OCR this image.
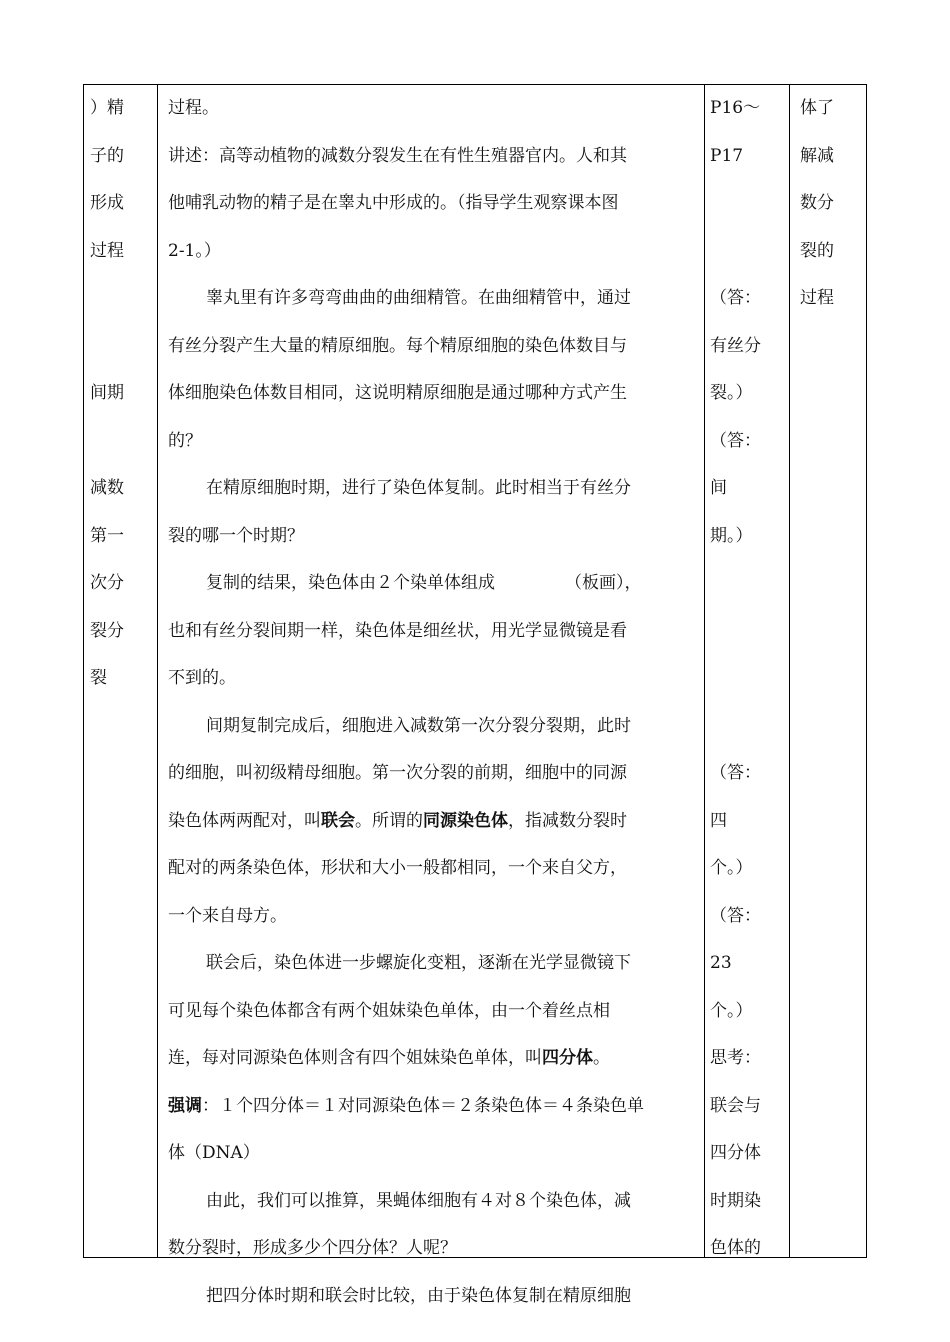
）精
子的
形成
过程
间期
减数
第一
次分
裂分
裂
过程。
讲述：高等动植物的减数分裂发生在有性生殖器官内。人和其
他哺乳动物的精子是在睾丸中形成的。（指导学生观察课本图
2-1。）
睾丸里有许多弯弯曲曲的曲细精管。在曲细精管中，通过
有丝分裂产生大量的精原细胞。每个精原细胞的染色体数目与
体细胞染色体数目相同，这说明精原细胞是通过哪种方式产生
的？
在精原细胞时期，进行了染色体复制。此时相当于有丝分
裂的哪一个时期？
复制的结果，染色体由２个染单体组成	（板画），
也和有丝分裂间期一样，染色体是细丝状，用光学显微镜是看
不到的。
间期复制完成后，细胞进入减数第一次分裂分裂期，此时
的细胞，叫初级精母细胞。第一次分裂的前期，细胞中的同源
染色体两两配对，叫联会。所谓的同源染色体，指减数分裂时
配对的两条染色体，形状和大小一般都相同，一个来自父方，
一个来自母方。
联会后，染色体进一步螺旋化变粗，逐渐在光学显微镜下
可见每个染色体都含有两个姐妹染色单体，由一个着丝点相
连，每对同源染色体则含有四个姐妹染色单体，叫四分体。
强调：１个四分体＝１对同源染色体＝２条染色体＝４条染色单
体（DNA）
由此，我们可以推算，果蝇体细胞有４对８个染色体，减
数分裂时，形成多少个四分体？人呢？
把四分体时期和联会时比较，由于染色体复制在精原细胞
P16～
P17
（答：
有丝分
裂。）
（答：
间
期。）
（答：
四
个。）
（答：
23
个。）
思考：
联会与
四分体
时期染
色体的
体了
解减
数分
裂的
过程
